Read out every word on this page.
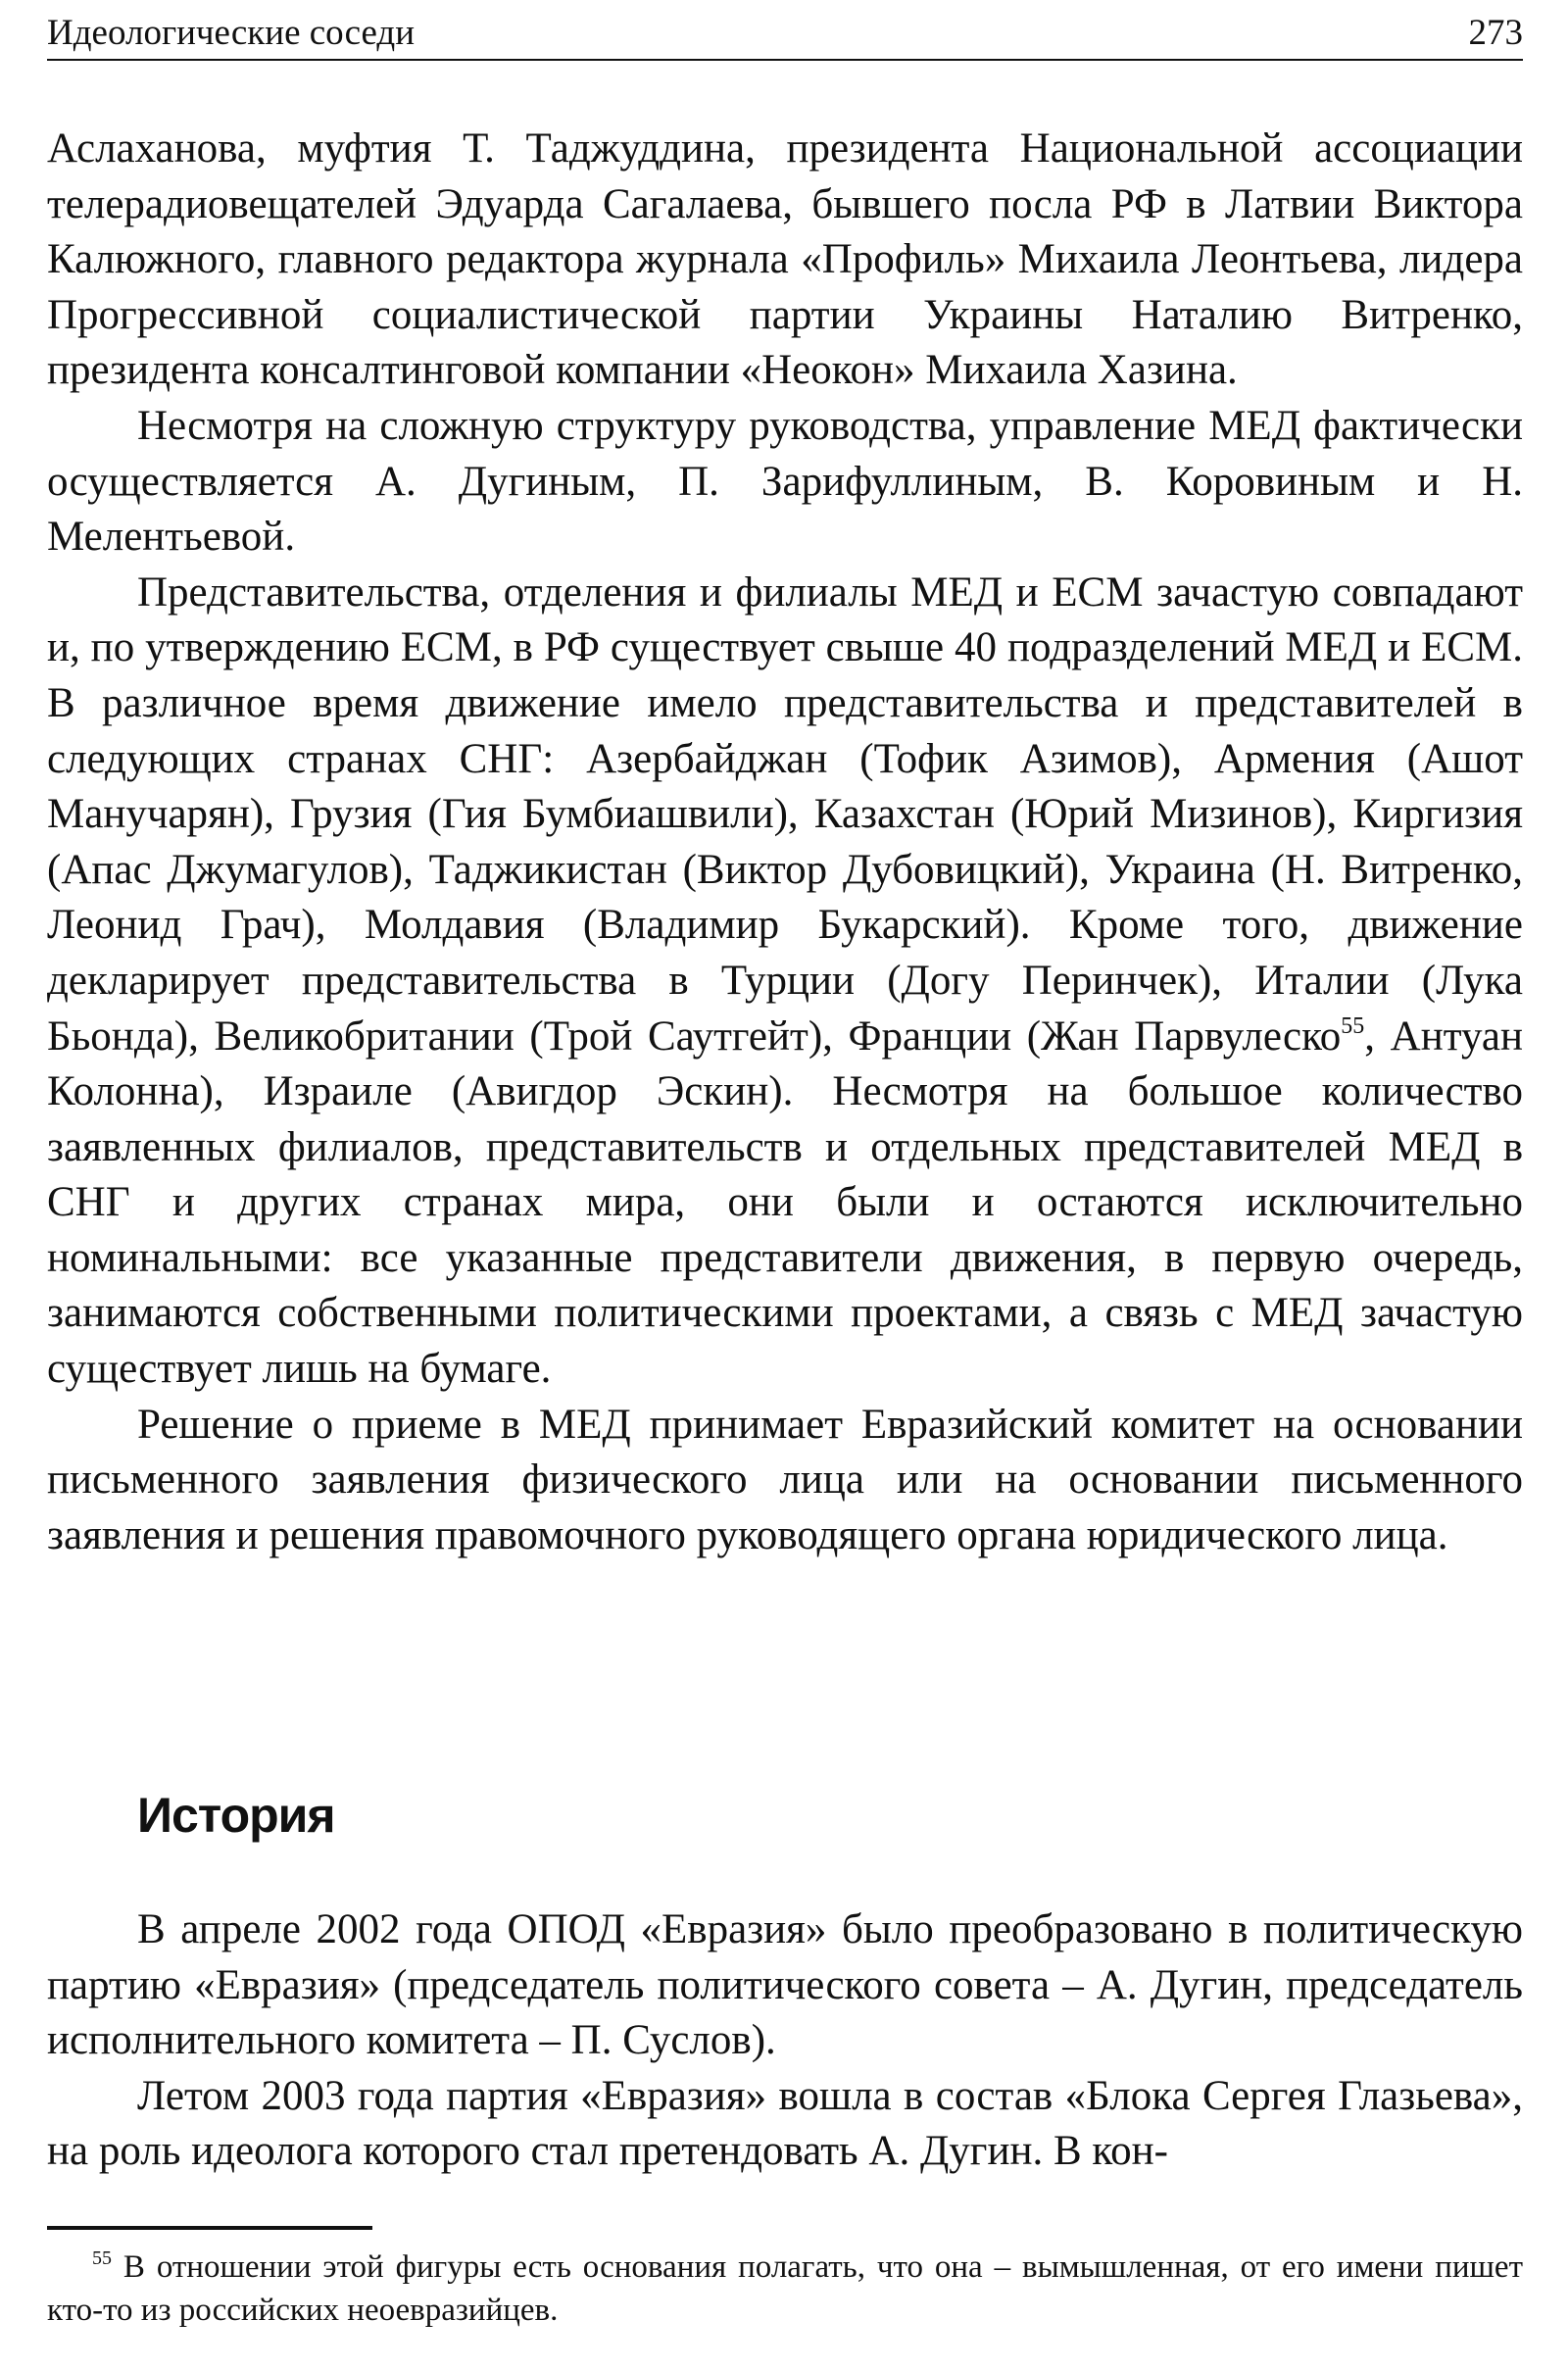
Идеологические соседи	273

Аслаханова, муфтия Т. Таджуддина, президента Национальной ассоциации телерадиовещателей Эдуарда Сагалаева, бывшего посла РФ в Латвии Виктора Калюжного, главного редактора журнала «Профиль» Михаила Леонтьева, лидера Прогрессивной социалистической партии Украины Наталию Витренко, президента консалтинговой компании «Неокон» Михаила Хазина.

Несмотря на сложную структуру руководства, управление МЕД фактически осуществляется А. Дугиным, П. Зарифуллиным, В. Коровиным и Н. Мелентьевой.

Представительства, отделения и филиалы МЕД и ЕСМ зачастую совпадают и, по утверждению ЕСМ, в РФ существует свыше 40 подразделений МЕД и ЕСМ. В различное время движение имело представительства и представителей в следующих странах СНГ: Азербайджан (Тофик Азимов), Армения (Ашот Манучарян), Грузия (Гия Бумбиашвили), Казахстан (Юрий Мизинов), Киргизия (Апас Джумагулов), Таджикистан (Виктор Дубовицкий), Украина (Н. Витренко, Леонид Грач), Молдавия (Владимир Букарский). Кроме того, движение декларирует представительства в Турции (Догу Перинчек), Италии (Лука Бьонда), Великобритании (Трой Саутгейт), Франции (Жан Парвулеско$^{55}$, Антуан Колонна), Израиле (Авигдор Эскин). Несмотря на большое количество заявленных филиалов, представительств и отдельных представителей МЕД в СНГ и других странах мира, они были и остаются исключительно номинальными: все указанные представители движения, в первую очередь, занимаются собственными политическими проектами, а связь с МЕД зачастую существует лишь на бумаге.

Решение о приеме в МЕД принимает Евразийский комитет на основании письменного заявления физического лица или на основании письменного заявления и решения правомочного руководящего органа юридического лица.

История

В апреле 2002 года ОПОД «Евразия» было преобразовано в политическую партию «Евразия» (председатель политического совета – А. Дугин, председатель исполнительного комитета – П. Суслов).

Летом 2003 года партия «Евразия» вошла в состав «Блока Сергея Глазьева», на роль идеолога которого стал претендовать А. Дугин. В кон-

$^{55}$ В отношении этой фигуры есть основания полагать, что она – вымышленная, от его имени пишет кто-то из российских неоевразийцев.
